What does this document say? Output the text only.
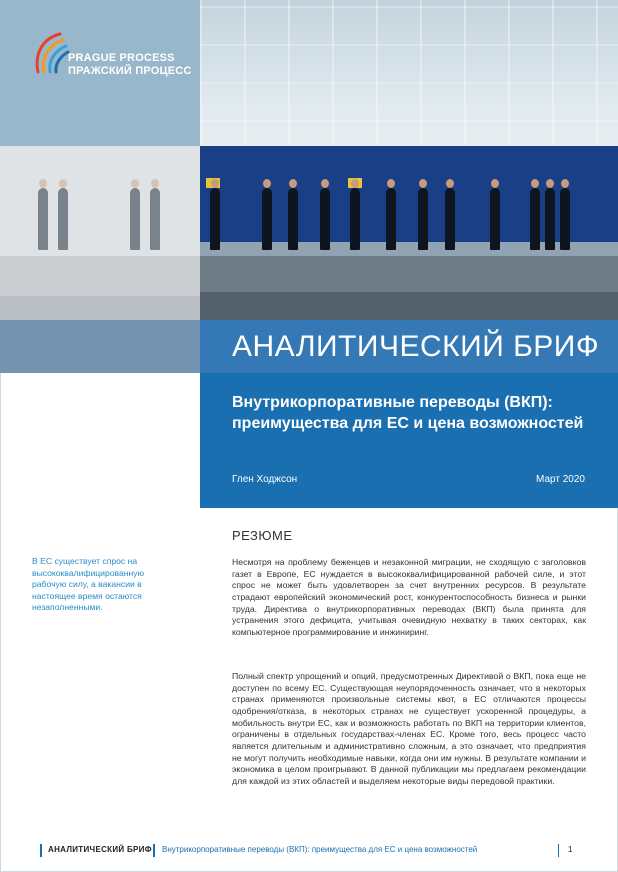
АНАЛИТИЧЕСКИЙ БРИФ
PRAGUE PROCESS
ПРАЖСКИЙ ПРОЦЕСС
Внутрикорпоративные переводы (ВКП): преимущества для ЕС и цена возможностей
Глен Ходжсон	Март 2020
РЕЗЮМЕ
В ЕС существует спрос на высококвалифицированную рабочую силу, а вакансии в настоящее время остаются незаполненными.

Несмотря на проблему беженцев и незаконной миграции, не сходящую с заголовков газет в Европе, ЕС нуждается в высококвалифицированной рабочей силе, и этот спрос не может быть удовлетворен за счет внутренних ресурсов. В результате страдают европейский экономический рост, конкурентоспособность бизнеса и рынки труда. Директива о внутрикорпоративных переводах (ВКП) была принята для устранения этого дефицита, учитывая очевидную нехватку в таких секторах, как компьютерное программирование и инжиниринг.

Полный спектр упрощений и опций, предусмотренных Директивой о ВКП, пока еще не доступен по всему ЕС. Существующая неупорядоченность означает, что в некоторых странах применяются произвольные системы квот, в ЕС отличаются процессы одобрения/отказа, в некоторых странах не существует ускоренной процедуры, а мобильность внутри ЕС, как и возможность работать по ВКП на территории клиентов, ограничены в отдельных государствах-членах ЕС. Кроме того, весь процесс часто является длительным и административно сложным, а это означает, что предприятия не могут получить необходимые навыки, когда они им нужны. В результате компании и экономика в целом проигрывают. В данной публикации мы предлагаем рекомендации для каждой из этих областей и выделяем некоторые виды передовой практики.

АНАЛИТИЧЕСКИЙ БРИФ Внутрикорпоративные переводы (ВКП): преимущества для ЕС и цена возможностей	1
